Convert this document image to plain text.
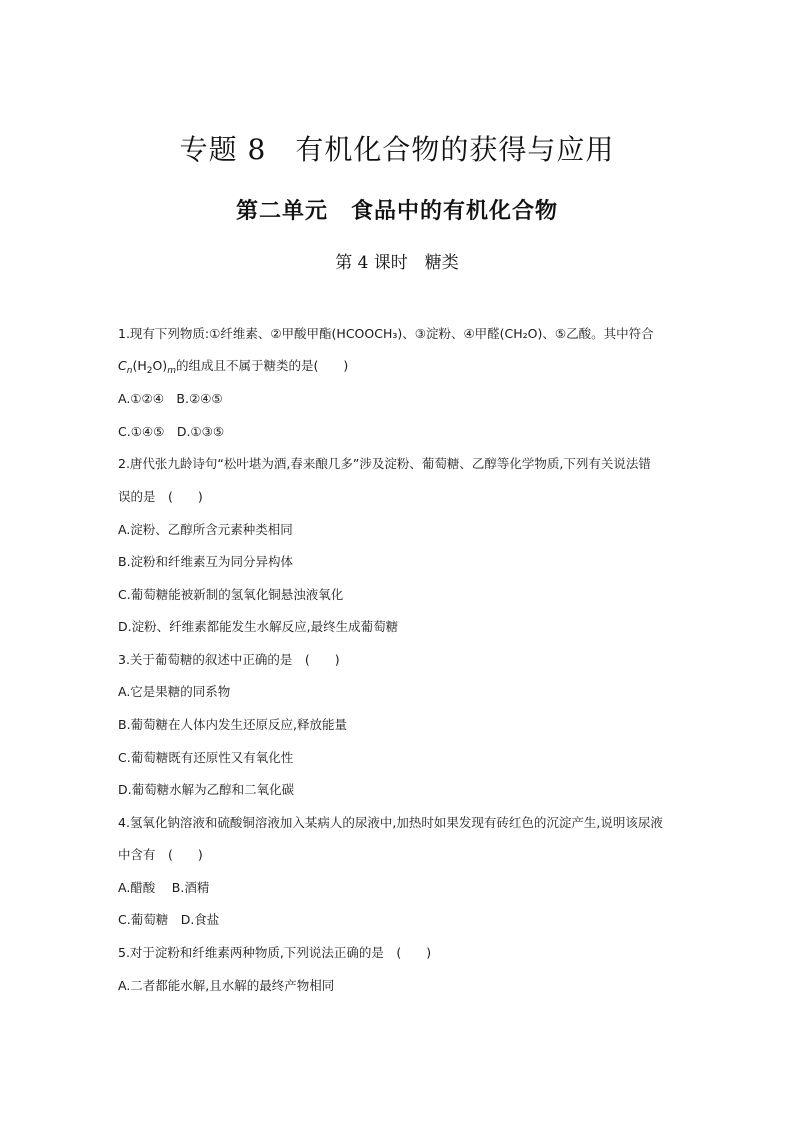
专题 8　有机化合物的获得与应用
第二单元　食品中的有机化合物
第 4 课时　糖类
1.现有下列物质:①纤维素、②甲酸甲酯(HCOOCH₃)、③淀粉、④甲醛(CH₂O)、⑤乙酸。其中符合
$C_n(H_2O)_m$的组成且不属于糖类的是(　　)
A.①②④　B.②④⑤
C.①④⑤　D.①③⑤
2.唐代张九龄诗句“松叶堪为酒,春来酿几多”涉及淀粉、葡萄糖、乙醇等化学物质,下列有关说法错
误的是　(　　)
A.淀粉、乙醇所含元素种类相同
B.淀粉和纤维素互为同分异构体
C.葡萄糖能被新制的氢氧化铜悬浊液氧化
D.淀粉、纤维素都能发生水解反应,最终生成葡萄糖
3.关于葡萄糖的叙述中正确的是　(　　)
A.它是果糖的同系物
B.葡萄糖在人体内发生还原反应,释放能量
C.葡萄糖既有还原性又有氧化性
D.葡萄糖水解为乙醇和二氧化碳
4.氢氧化钠溶液和硫酸铜溶液加入某病人的尿液中,加热时如果发现有砖红色的沉淀产生,说明该尿液
中含有　(　　)
A.醋酸　 B.酒精
C.葡萄糖　D.食盐
5.对于淀粉和纤维素两种物质,下列说法正确的是　(　　)
A.二者都能水解,且水解的最终产物相同
